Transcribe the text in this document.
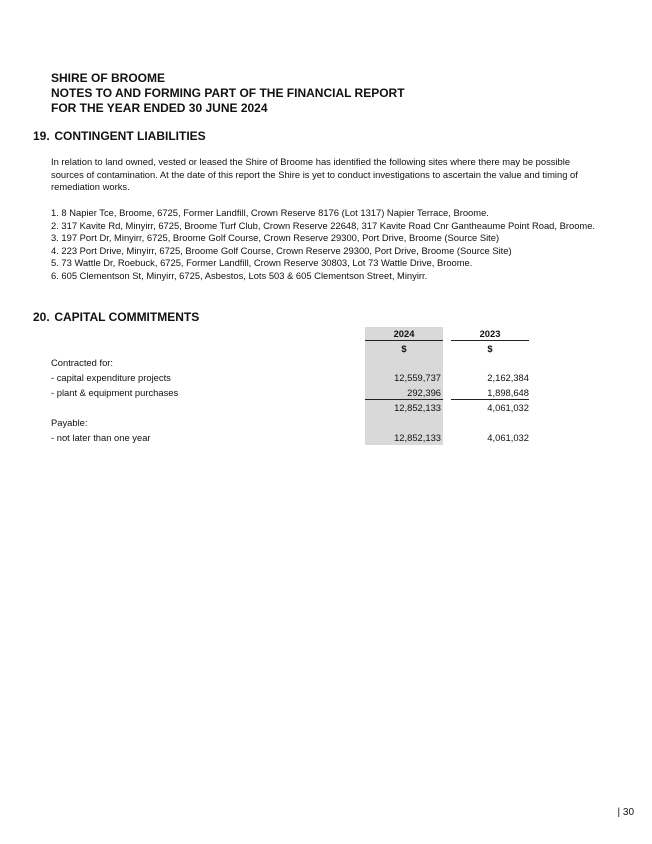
SHIRE OF BROOME
NOTES TO AND FORMING PART OF THE FINANCIAL REPORT
FOR THE YEAR ENDED 30 JUNE 2024
19. CONTINGENT LIABILITIES
In relation to land owned, vested or leased the Shire of Broome has identified the following sites where there may be possible sources of contamination. At the date of this report the Shire is yet to conduct investigations to ascertain the value and timing of remediation works.

1. 8 Napier Tce, Broome, 6725, Former Landfill, Crown Reserve 8176 (Lot 1317) Napier Terrace, Broome.

2. 317 Kavite Rd, Minyirr, 6725, Broome Turf Club, Crown Reserve 22648, 317 Kavite Road Cnr Gantheaume Point Road, Broome.

3. 197 Port Dr, Minyirr, 6725, Broome Golf Course, Crown Reserve 29300, Port Drive, Broome (Source Site)

4. 223 Port Drive, Minyirr, 6725, Broome Golf Course, Crown Reserve 29300, Port Drive, Broome (Source Site)

5. 73 Wattle Dr, Roebuck, 6725, Former Landfill, Crown Reserve 30803, Lot 73 Wattle Drive, Broome.

6. 605 Clementson St, Minyirr, 6725, Asbestos, Lots 503 & 605 Clementson Street, Minyirr.

20. CAPITAL COMMITMENTS
2024	2023
$	$
Contracted for:
- capital expenditure projects	12,559,737	2,162,384
- plant & equipment purchases	292,396	1,898,648
12,852,133	4,061,032
Payable:
- not later than one year	12,852,133	4,061,032
| 30
